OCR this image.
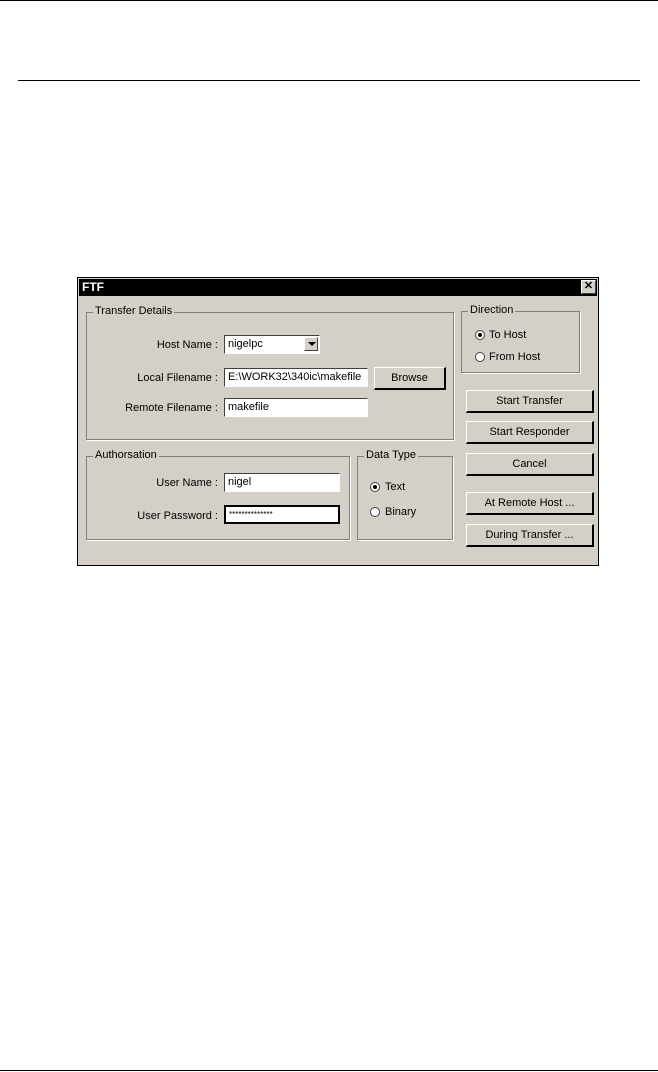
FTF	✕
Transfer Details
Host Name : nigelpc
Local Filename : E:\WORK32\340ic\makefile	Browse
Remote Filename : makefile
Direction
To Host
From Host
Authorsation
User Name : nigel
User Password :	**************
Data Type
Text
Binary
Start Transfer
Start Responder
Cancel
At Remote Host ...
During Transfer ...
